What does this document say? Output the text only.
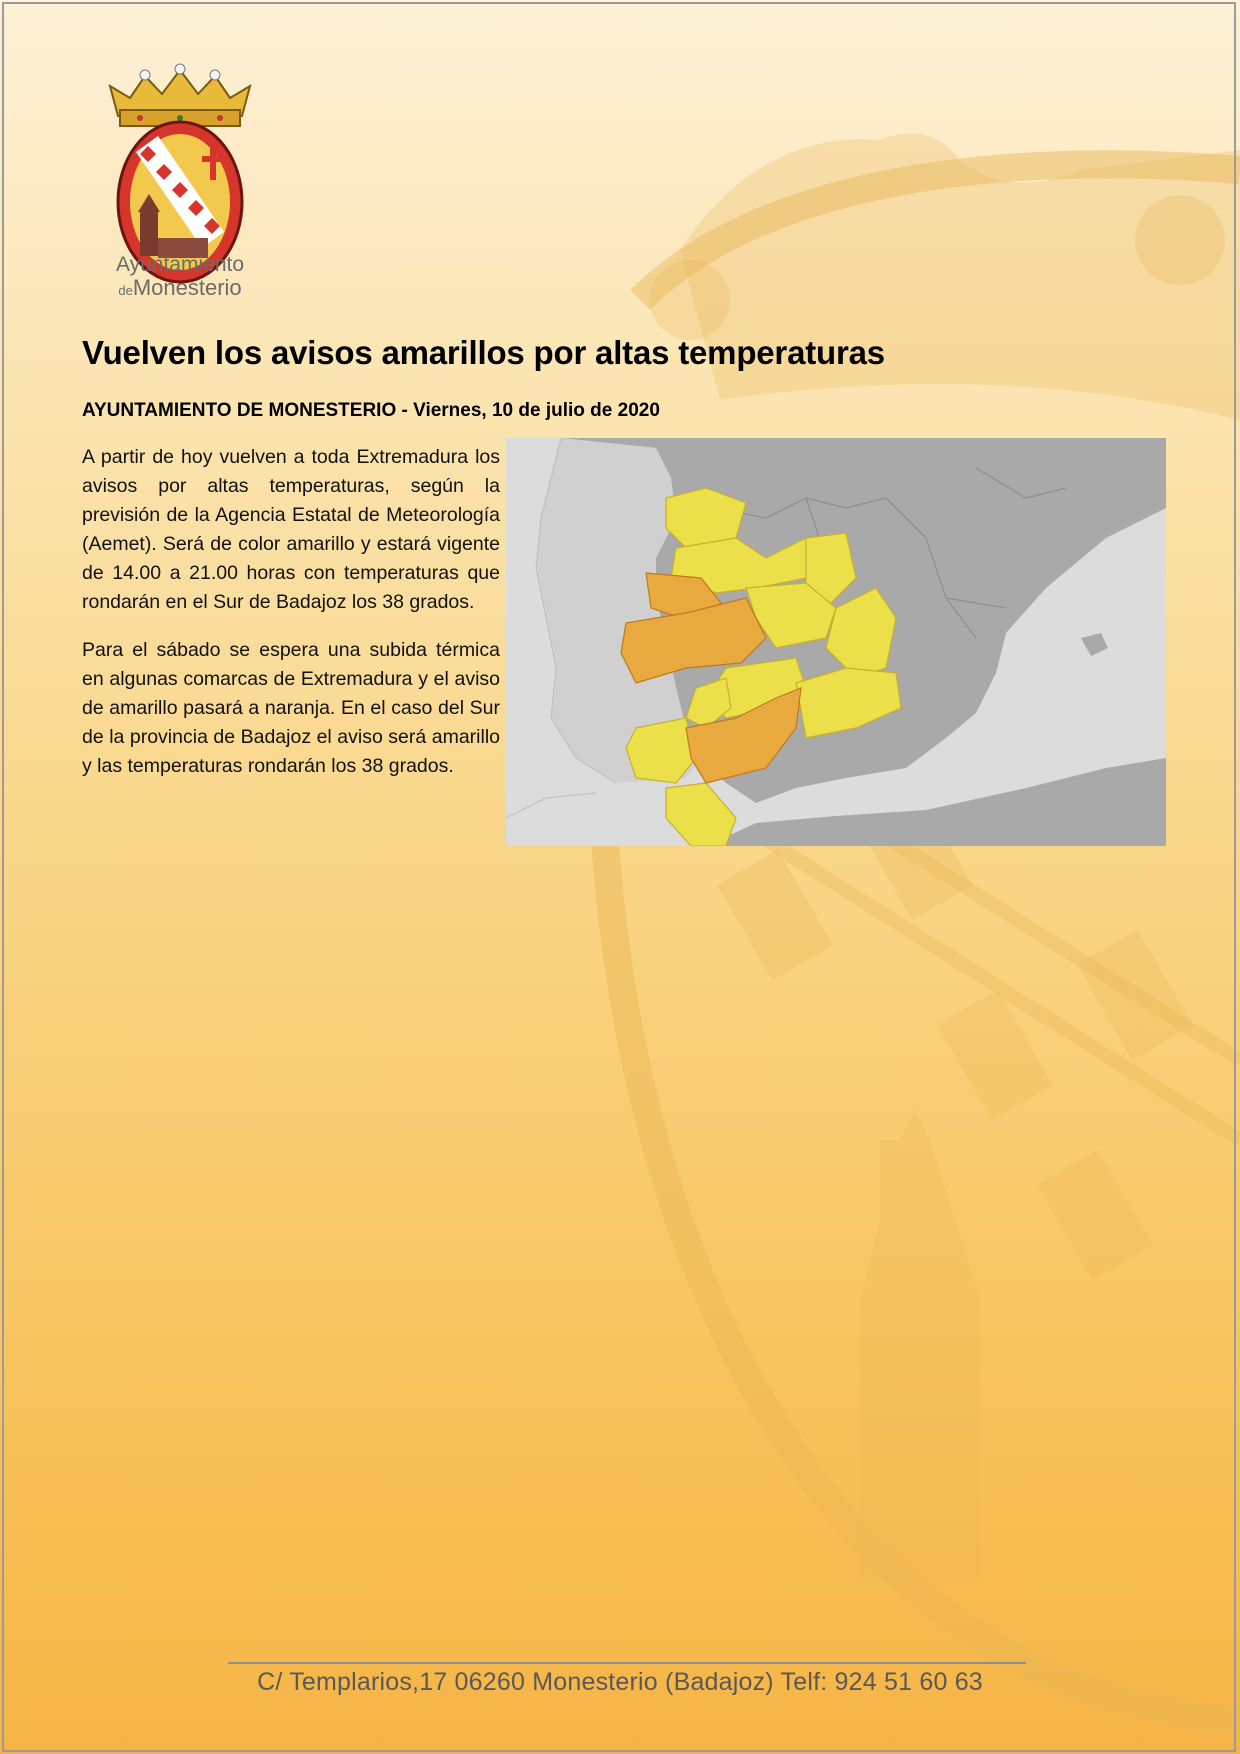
Ayuntamiento
deMonesterio
Vuelven los avisos amarillos por altas temperaturas

AYUNTAMIENTO DE MONESTERIO - Viernes, 10 de julio de 2020

A partir de hoy vuelven a toda Extremadura los avisos por altas temperaturas, según la previsión de la Agencia Estatal de Meteorología (Aemet). Será de color amarillo y estará vigente de 14.00 a 21.00 horas con temperaturas que rondarán en el Sur de Badajoz los 38 grados.

Para el sábado se espera una subida térmica en algunas comarcas de Extremadura y el aviso de amarillo pasará a naranja. En el caso del Sur de la provincia de Badajoz el aviso será amarillo y las temperaturas rondarán los 38 grados.

C/ Templarios,17 06260 Monesterio (Badajoz) Telf: 924 51 60 63
